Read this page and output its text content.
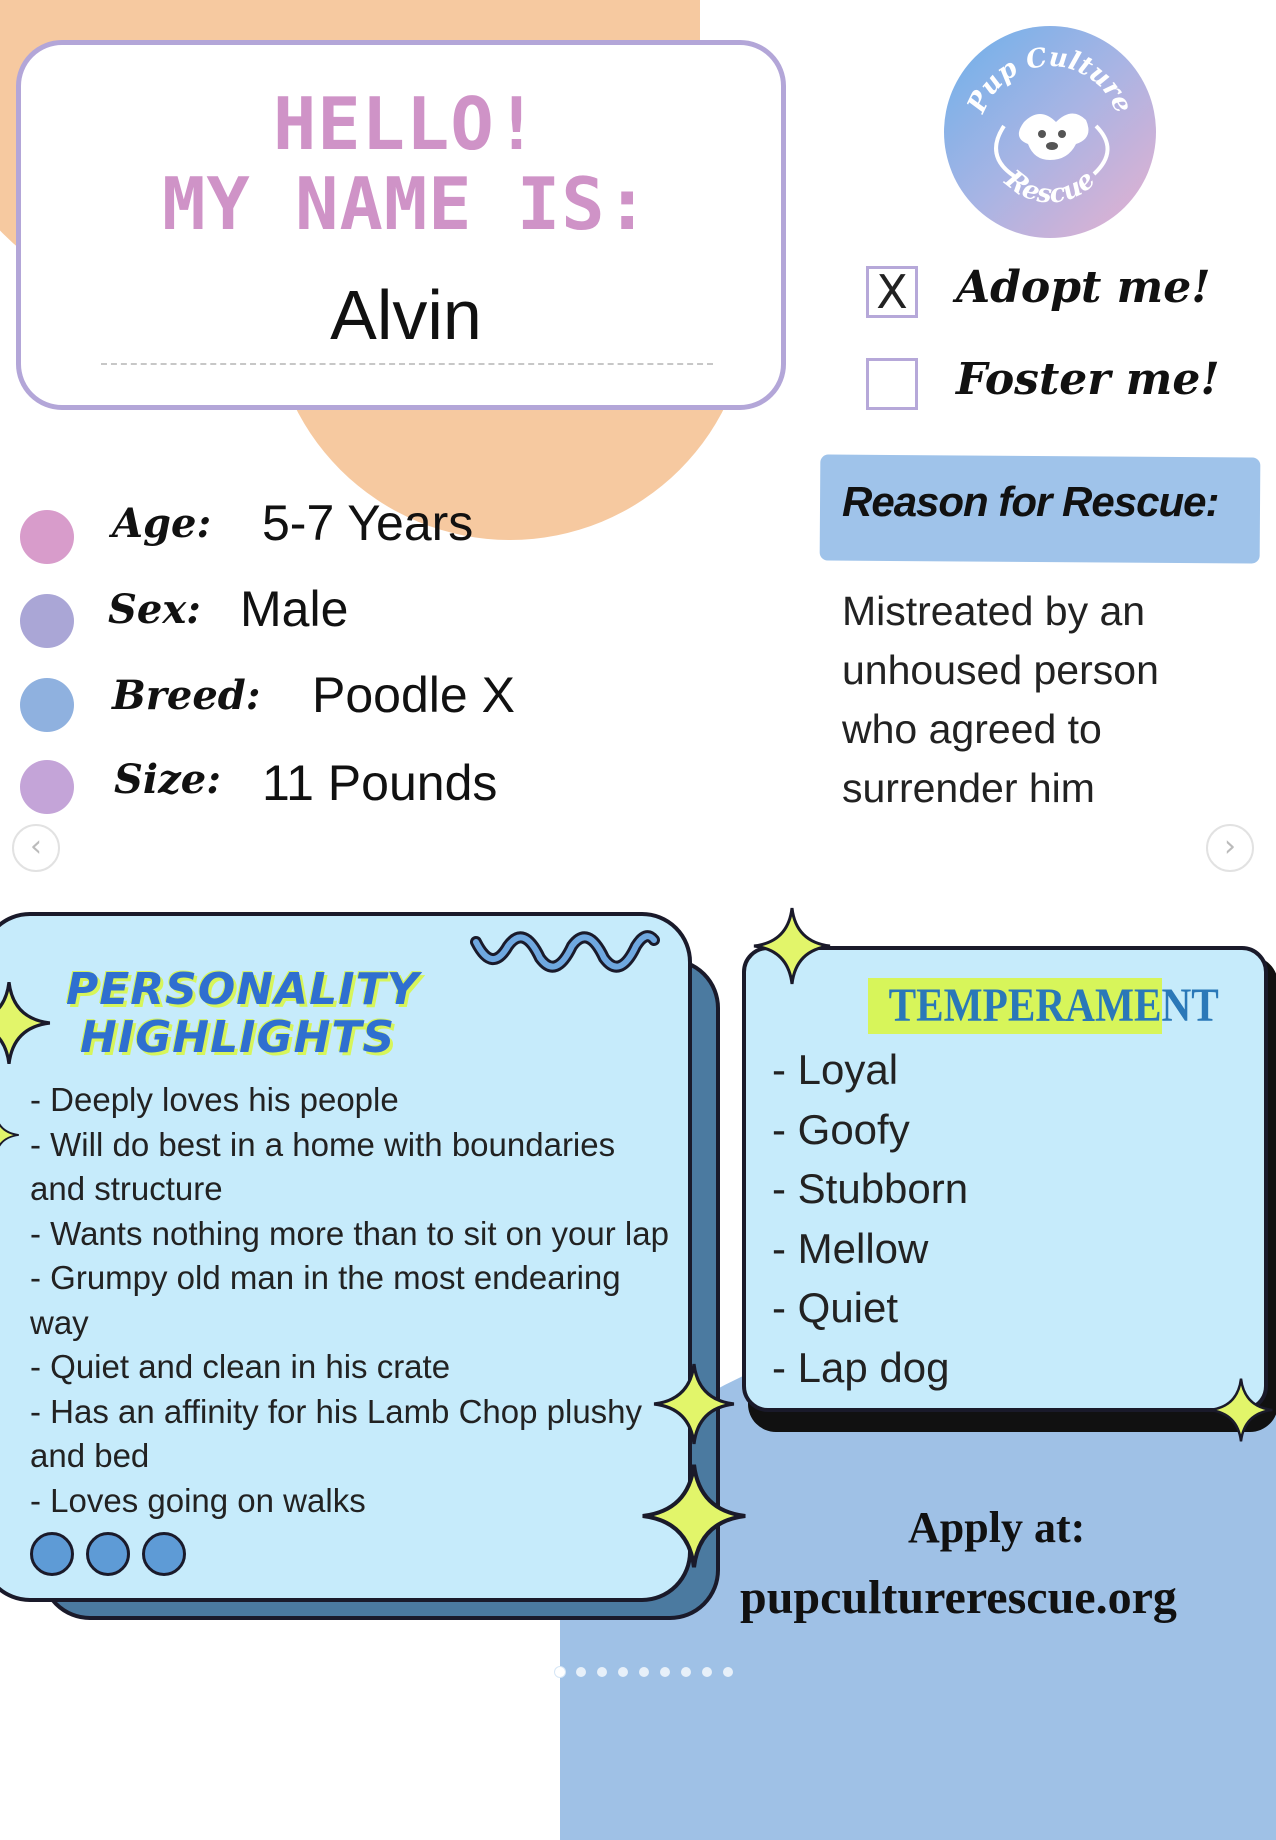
HELLO!
MY NAME IS:
Alvin
Pup Culture
Rescue
X Adopt me!
Foster me!
Age: 5-7 Years
Sex: Male
Breed: Poodle X
Size: 11 Pounds
Reason for Rescue:
Mistreated by an
unhoused person
who agreed to
surrender him
‹	›
PERSONALITY
HIGHLIGHTS
- Deeply loves his people
- Will do best in a home with boundaries
and structure
- Wants nothing more than to sit on your lap
- Grumpy old man in the most endearing
way
- Quiet and clean in his crate
- Has an affinity for his Lamb Chop plushy
and bed
- Loves going on walks
TEMPERAMENT
- Loyal
- Goofy
- Stubborn
- Mellow
- Quiet
- Lap dog
Apply at:
pupculturerescue.org
